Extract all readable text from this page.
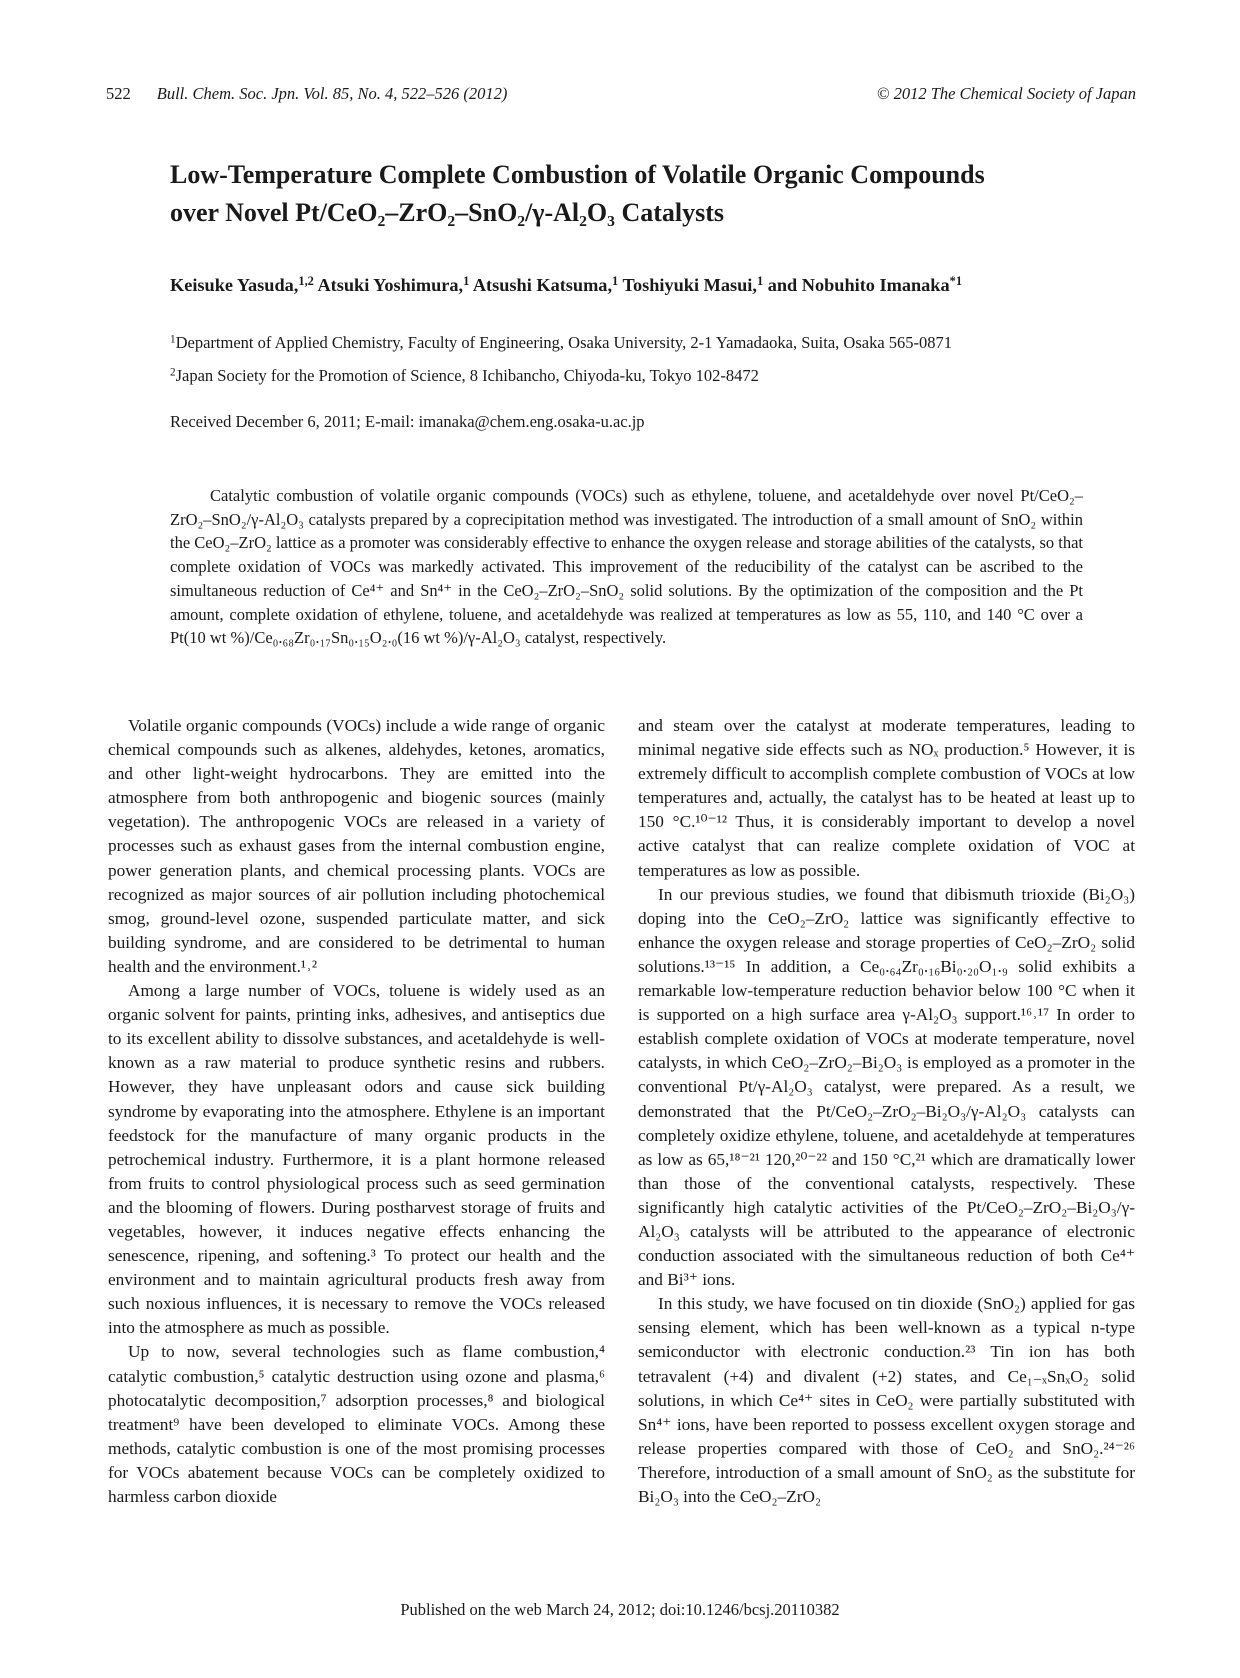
522 Bull. Chem. Soc. Jpn. Vol. 85, No. 4, 522–526 (2012)	© 2012 The Chemical Society of Japan
Low-Temperature Complete Combustion of Volatile Organic Compounds
over Novel Pt/CeO₂–ZrO₂–SnO₂/γ-Al₂O₃ Catalysts

Keisuke Yasuda,$^{1,2}$ Atsuki Yoshimura,$^1$ Atsushi Katsuma,$^1$ Toshiyuki Masui,$^1$ and Nobuhito Imanaka$^{*1}$

$^1$Department of Applied Chemistry, Faculty of Engineering, Osaka University, 2-1 Yamadaoka, Suita, Osaka 565-0871

$^2$Japan Society for the Promotion of Science, 8 Ichibancho, Chiyoda-ku, Tokyo 102-8472

Received December 6, 2011; E-mail: imanaka@chem.eng.osaka-u.ac.jp

Catalytic combustion of volatile organic compounds (VOCs) such as ethylene, toluene, and acetaldehyde over novel Pt/CeO₂–ZrO₂–SnO₂/γ-Al₂O₃ catalysts prepared by a coprecipitation method was investigated. The introduction of a small amount of SnO₂ within the CeO₂–ZrO₂ lattice as a promoter was considerably effective to enhance the oxygen release and storage abilities of the catalysts, so that complete oxidation of VOCs was markedly activated. This improvement of the reducibility of the catalyst can be ascribed to the simultaneous reduction of Ce⁴⁺ and Sn⁴⁺ in the CeO₂–ZrO₂–SnO₂ solid solutions. By the optimization of the composition and the Pt amount, complete oxidation of ethylene, toluene, and acetaldehyde was realized at temperatures as low as 55, 110, and 140 °C over a Pt(10 wt %)/Ce₀.₆₈Zr₀.₁₇Sn₀.₁₅O₂.₀(16 wt %)/γ-Al₂O₃ catalyst, respectively.

Volatile organic compounds (VOCs) include a wide range of organic chemical compounds such as alkenes, aldehydes, ketones, aromatics, and other light-weight hydrocarbons. They are emitted into the atmosphere from both anthropogenic and biogenic sources (mainly vegetation). The anthropogenic VOCs are released in a variety of processes such as exhaust gases from the internal combustion engine, power generation plants, and chemical processing plants. VOCs are recognized as major sources of air pollution including photochemical smog, ground-level ozone, suspended particulate matter, and sick building syndrome, and are considered to be detrimental to human health and the environment.¹˒²

Among a large number of VOCs, toluene is widely used as an organic solvent for paints, printing inks, adhesives, and antiseptics due to its excellent ability to dissolve substances, and acetaldehyde is well-known as a raw material to produce synthetic resins and rubbers. However, they have unpleasant odors and cause sick building syndrome by evaporating into the atmosphere. Ethylene is an important feedstock for the manufacture of many organic products in the petrochemical industry. Furthermore, it is a plant hormone released from fruits to control physiological process such as seed germination and the blooming of flowers. During postharvest storage of fruits and vegetables, however, it induces negative effects enhancing the senescence, ripening, and softening.³ To protect our health and the environment and to maintain agricultural products fresh away from such noxious influences, it is necessary to remove the VOCs released into the atmosphere as much as possible.

Up to now, several technologies such as flame combustion,⁴ catalytic combustion,⁵ catalytic destruction using ozone and plasma,⁶ photocatalytic decomposition,⁷ adsorption processes,⁸ and biological treatment⁹ have been developed to eliminate VOCs. Among these methods, catalytic combustion is one of the most promising processes for VOCs abatement because VOCs can be completely oxidized to harmless carbon dioxide

and steam over the catalyst at moderate temperatures, leading to minimal negative side effects such as NOₓ production.⁵ However, it is extremely difficult to accomplish complete combustion of VOCs at low temperatures and, actually, the catalyst has to be heated at least up to 150 °C.¹⁰⁻¹² Thus, it is considerably important to develop a novel active catalyst that can realize complete oxidation of VOC at temperatures as low as possible.

In our previous studies, we found that dibismuth trioxide (Bi₂O₃) doping into the CeO₂–ZrO₂ lattice was significantly effective to enhance the oxygen release and storage properties of CeO₂–ZrO₂ solid solutions.¹³⁻¹⁵ In addition, a Ce₀.₆₄Zr₀.₁₆Bi₀.₂₀O₁.₉ solid exhibits a remarkable low-temperature reduction behavior below 100 °C when it is supported on a high surface area γ-Al₂O₃ support.¹⁶˒¹⁷ In order to establish complete oxidation of VOCs at moderate temperature, novel catalysts, in which CeO₂–ZrO₂–Bi₂O₃ is employed as a promoter in the conventional Pt/γ-Al₂O₃ catalyst, were prepared. As a result, we demonstrated that the Pt/CeO₂–ZrO₂–Bi₂O₃/γ-Al₂O₃ catalysts can completely oxidize ethylene, toluene, and acetaldehyde at temperatures as low as 65,¹⁸⁻²¹ 120,²⁰⁻²² and 150 °C,²¹ which are dramatically lower than those of the conventional catalysts, respectively. These significantly high catalytic activities of the Pt/CeO₂–ZrO₂–Bi₂O₃/γ-Al₂O₃ catalysts will be attributed to the appearance of electronic conduction associated with the simultaneous reduction of both Ce⁴⁺ and Bi³⁺ ions.

In this study, we have focused on tin dioxide (SnO₂) applied for gas sensing element, which has been well-known as a typical n-type semiconductor with electronic conduction.²³ Tin ion has both tetravalent (+4) and divalent (+2) states, and Ce₁₋ₓSnₓO₂ solid solutions, in which Ce⁴⁺ sites in CeO₂ were partially substituted with Sn⁴⁺ ions, have been reported to possess excellent oxygen storage and release properties compared with those of CeO₂ and SnO₂.²⁴⁻²⁶ Therefore, introduction of a small amount of SnO₂ as the substitute for Bi₂O₃ into the CeO₂–ZrO₂

Published on the web March 24, 2012; doi:10.1246/bcsj.20110382
